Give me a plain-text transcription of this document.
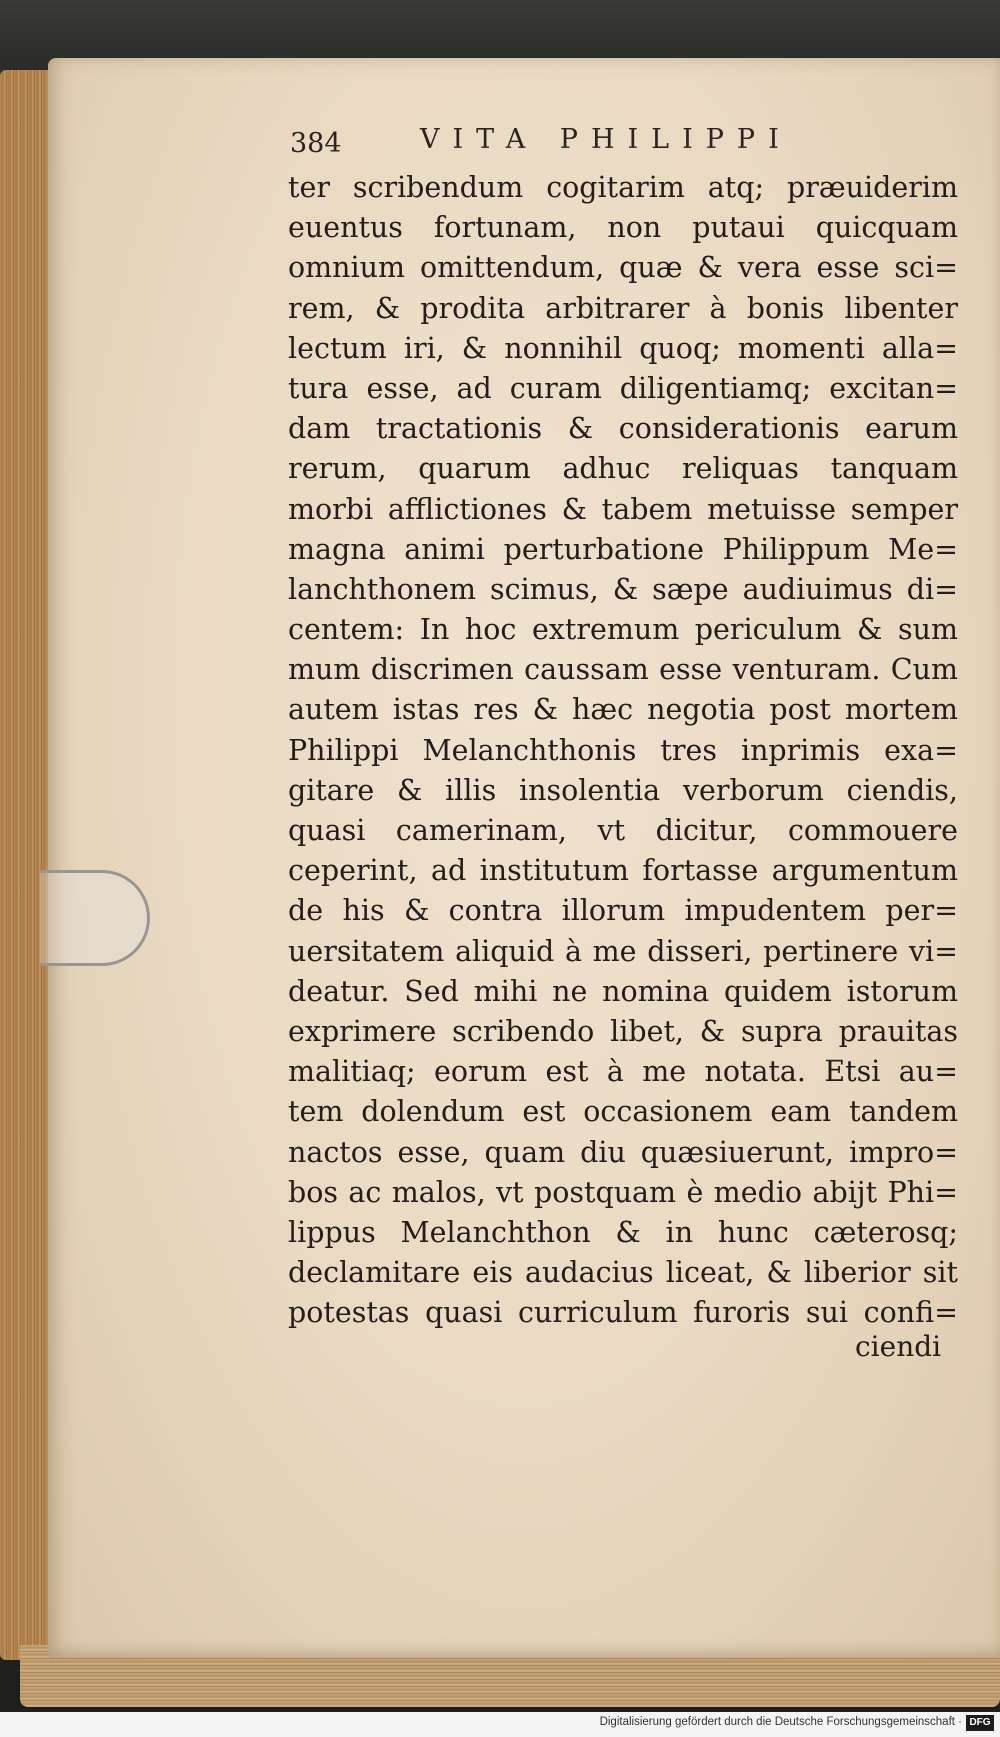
384	VITA PHILIPPI
ter scribendum cogitarim atq; præuiderim
euentus fortunam, non putaui quicquam
omnium omittendum, quæ & vera esse sci=
rem, & prodita arbitrarer à bonis libenter
lectum iri, & nonnihil quoq; momenti alla=
tura esse, ad curam diligentiamq; excitan=
dam tractationis & considerationis earum
rerum, quarum adhuc reliquas tanquam
morbi afflictiones & tabem metuisse semper
magna animi perturbatione Philippum Me=
lanchthonem scimus, & sæpe audiuimus di=
centem: In hoc extremum periculum & sum
mum discrimen caussam esse venturam. Cum
autem istas res & hæc negotia post mortem
Philippi Melanchthonis tres inprimis exa=
gitare & illis insolentia verborum ciendis,
quasi camerinam, vt dicitur, commouere
ceperint, ad institutum fortasse argumentum
de his & contra illorum impudentem per=
uersitatem aliquid à me disseri, pertinere vi=
deatur. Sed mihi ne nomina quidem istorum
exprimere scribendo libet, & supra prauitas
malitiaq; eorum est à me notata. Etsi au=
tem dolendum est occasionem eam tandem
nactos esse, quam diu quæsiuerunt, impro=
bos ac malos, vt postquam è medio abijt Phi=
lippus Melanchthon & in hunc cæterosq;
declamitare eis audacius liceat, & liberior sit
potestas quasi curriculum furoris sui confi=
ciendi
Digitalisierung gefördert durch die Deutsche Forschungsgemeinschaft · DFG
